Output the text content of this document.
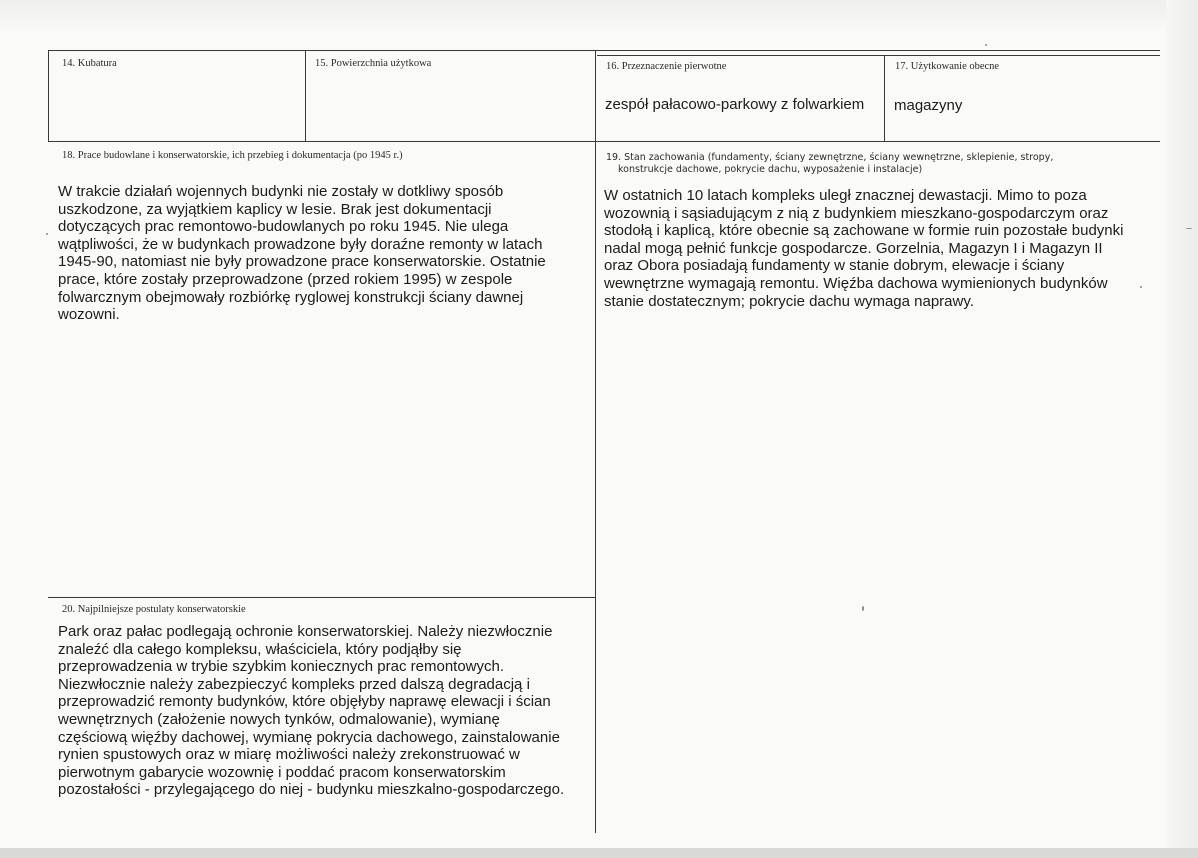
14. Kubatura	15. Powierzchnia użytkowa	16. Przeznaczenie pierwotne
zespół pałacowo-parkowy z folwarkiem
17. Użytkowanie obecne
magazyny
18. Prace budowlane i konserwatorskie, ich przebieg i dokumentacja (po 1945 r.)
W trakcie działań wojennych budynki nie zostały w dotkliwy sposób
uszkodzone, za wyjątkiem kaplicy w lesie. Brak jest dokumentacji
dotyczących prac remontowo-budowlanych po roku 1945. Nie ulega
wątpliwości, że w budynkach prowadzone były doraźne remonty w latach
1945-90, natomiast nie były prowadzone prace konserwatorskie. Ostatnie
prace, które zostały przeprowadzone (przed rokiem 1995) w zespole
folwarcznym obejmowały rozbiórkę ryglowej konstrukcji ściany dawnej
wozowni.
19. Stan zachowania (fundamenty, ściany zewnętrzne, ściany wewnętrzne, sklepienie, stropy,
konstrukcje dachowe, pokrycie dachu, wyposażenie i instalacje)
W ostatnich 10 latach kompleks uległ znacznej dewastacji. Mimo to poza
wozownią i sąsiadującym z nią z budynkiem mieszkano-gospodarczym oraz
stodołą i kaplicą, które obecnie są zachowane w formie ruin pozostałe budynki
nadal mogą pełnić funkcje gospodarcze. Gorzelnia, Magazyn I i Magazyn II
oraz Obora posiadają fundamenty w stanie dobrym, elewacje i ściany
wewnętrzne wymagają remontu. Więźba dachowa wymienionych budynków
stanie dostatecznym; pokrycie dachu wymaga naprawy.
20. Najpilniejsze postulaty konserwatorskie
Park oraz pałac podlegają ochronie konserwatorskiej. Należy niezwłocznie
znaleźć dla całego kompleksu, właściciela, który podjąłby się
przeprowadzenia w trybie szybkim koniecznych prac remontowych.
Niezwłocznie należy zabezpieczyć kompleks przed dalszą degradacją i
przeprowadzić remonty budynków, które objęłyby naprawę elewacji i ścian
wewnętrznych (założenie nowych tynków, odmalowanie), wymianę
częściową więźby dachowej, wymianę pokrycia dachowego, zainstalowanie
rynien spustowych oraz w miarę możliwości należy zrekonstruować w
pierwotnym gabarycie wozownię i poddać pracom konserwatorskim
pozostałości - przylegającego do niej - budynku mieszkalno-gospodarczego.
